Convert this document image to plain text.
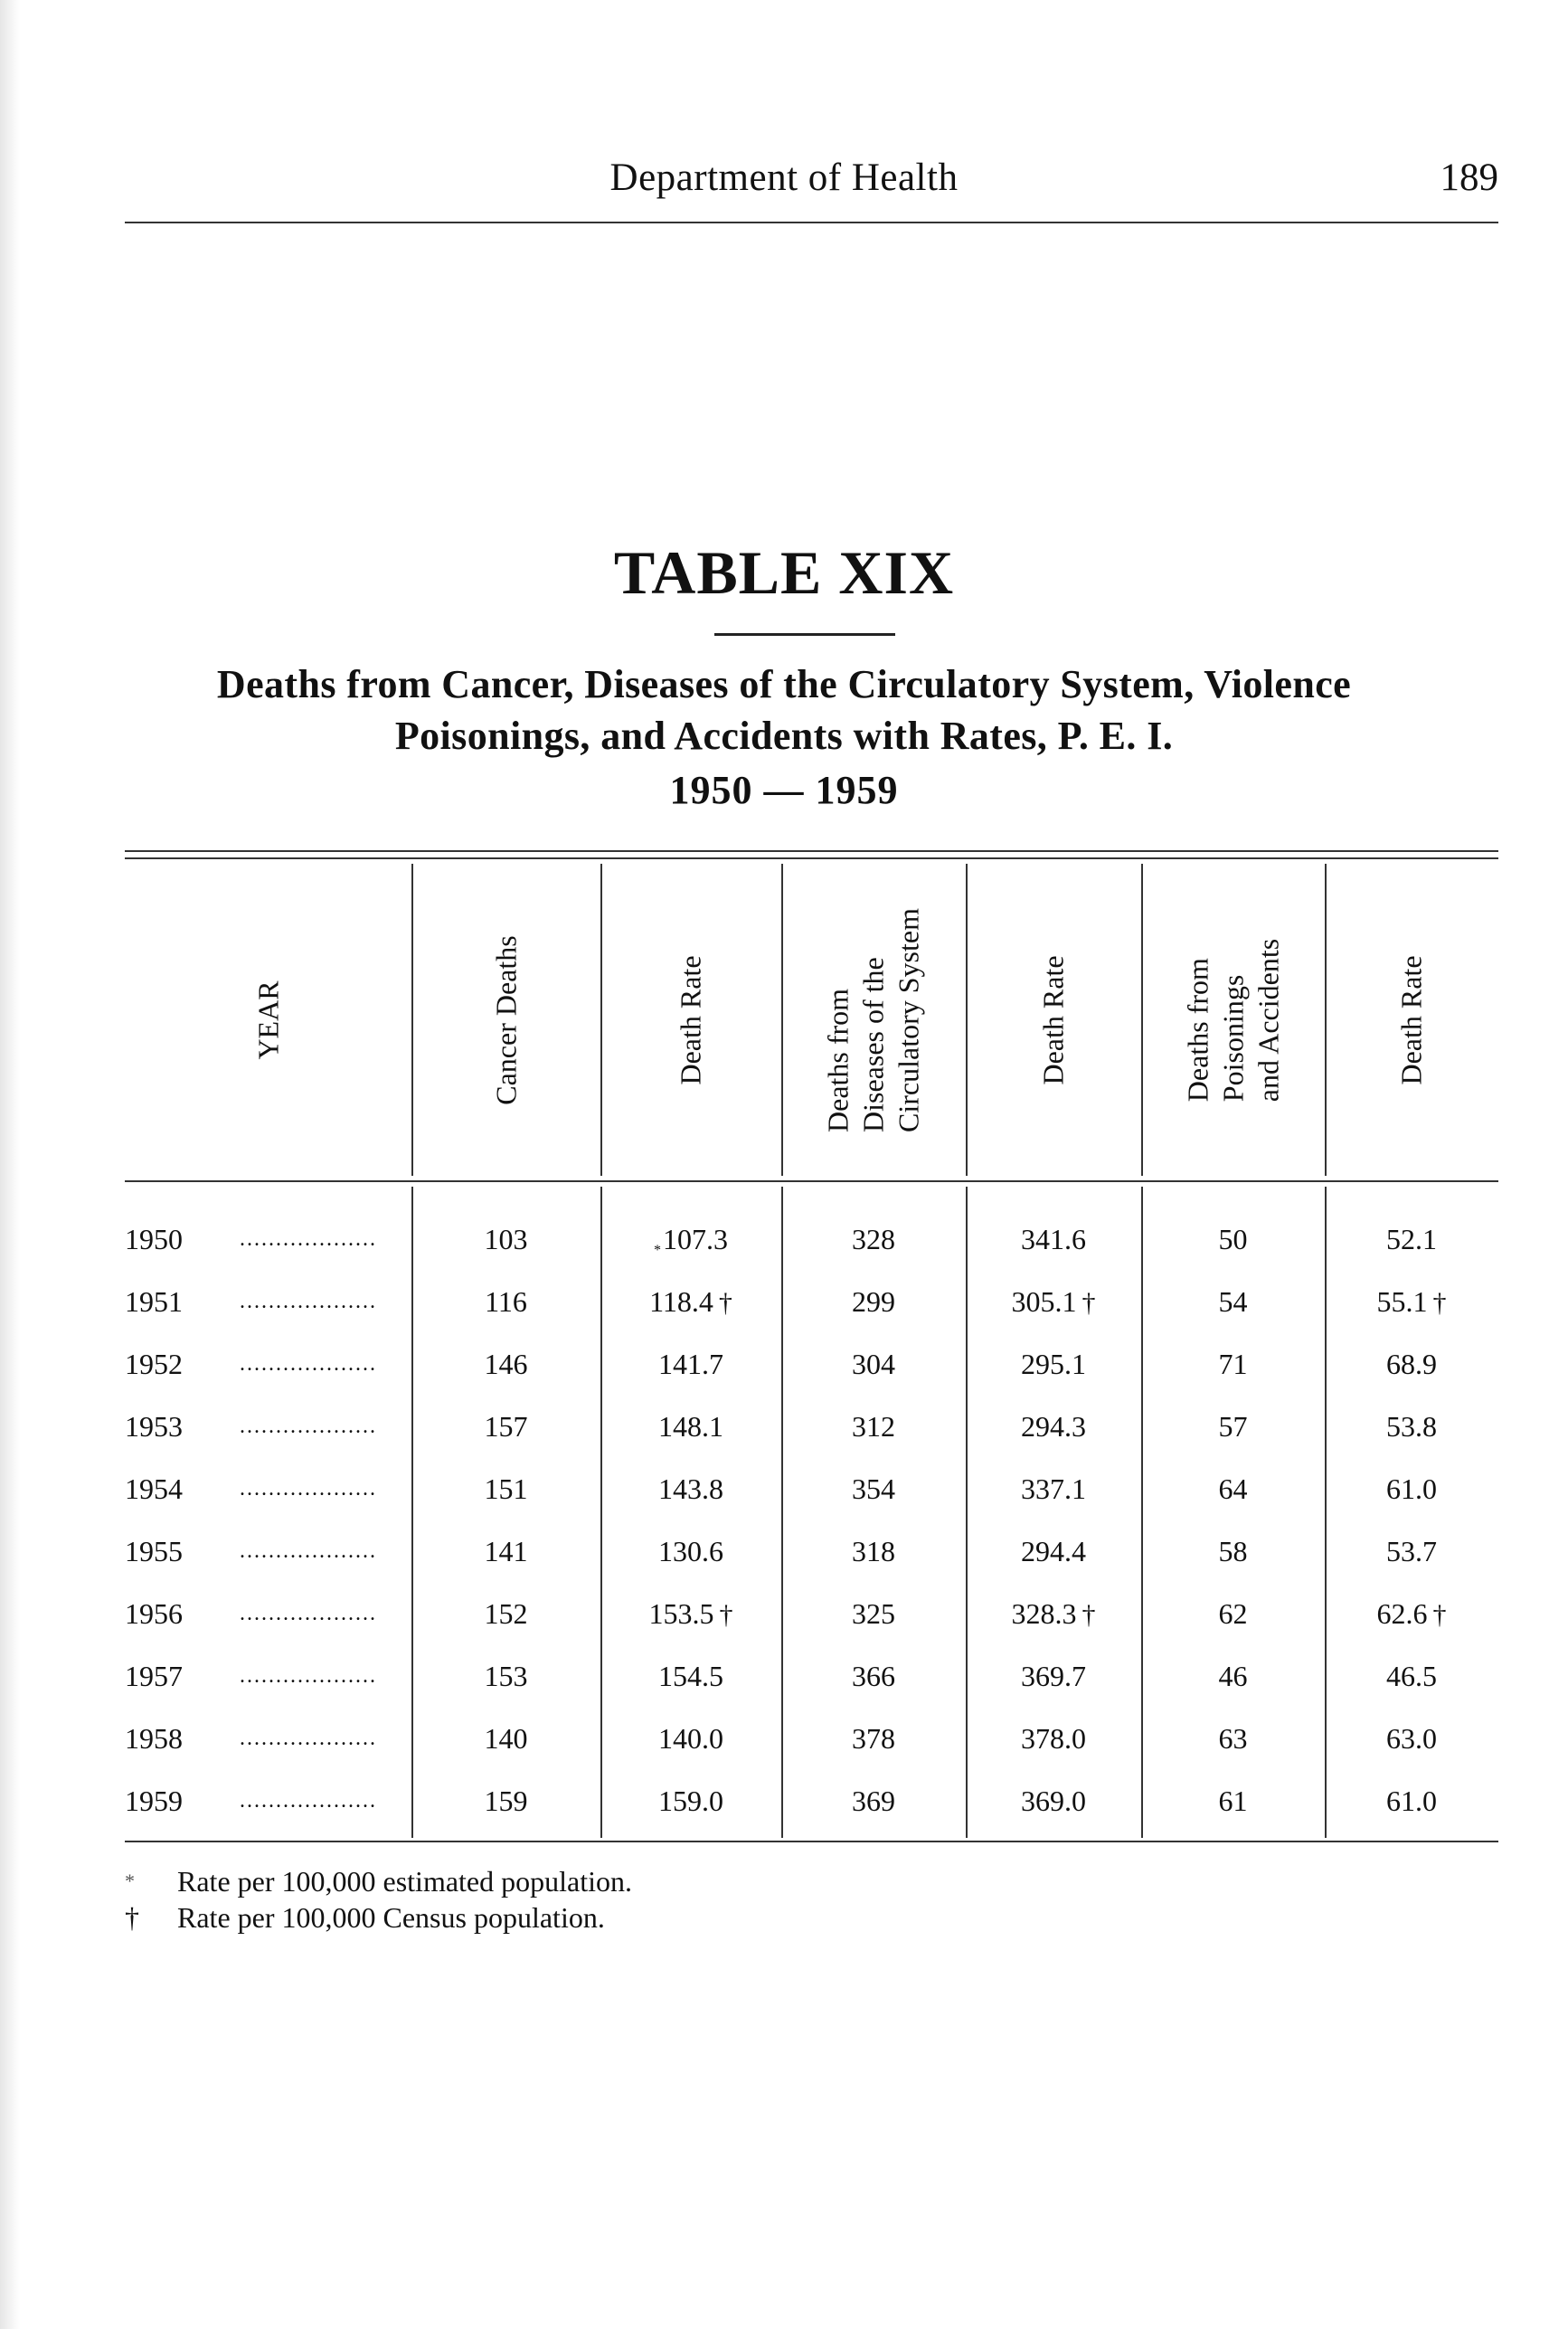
Department of Health	189
TABLE XIX
Deaths from Cancer, Diseases of the Circulatory System, Violence
Poisonings, and Accidents with Rates, P. E. I.
1950 — 1959
YEAR	Cancer Deaths	Death Rate	Deaths from Diseases of the Circulatory System	Death Rate	Deaths from Poisonings and Accidents	Death Rate
1950	...................	103	*107.3	328	341.6	50	52.1
1951	...................	116	118.4 †	299	305.1 †	54	55.1 †
1952	...................	146	141.7	304	295.1	71	68.9
1953	...................	157	148.1	312	294.3	57	53.8
1954	...................	151	143.8	354	337.1	64	61.0
1955	...................	141	130.6	318	294.4	58	53.7
1956	...................	152	153.5 †	325	328.3 †	62	62.6 †
1957	...................	153	154.5	366	369.7	46	46.5
1958	...................	140	140.0	378	378.0	63	63.0
1959	...................	159	159.0	369	369.0	61	61.0
* Rate per 100,000 estimated population.
† Rate per 100,000 Census population.
